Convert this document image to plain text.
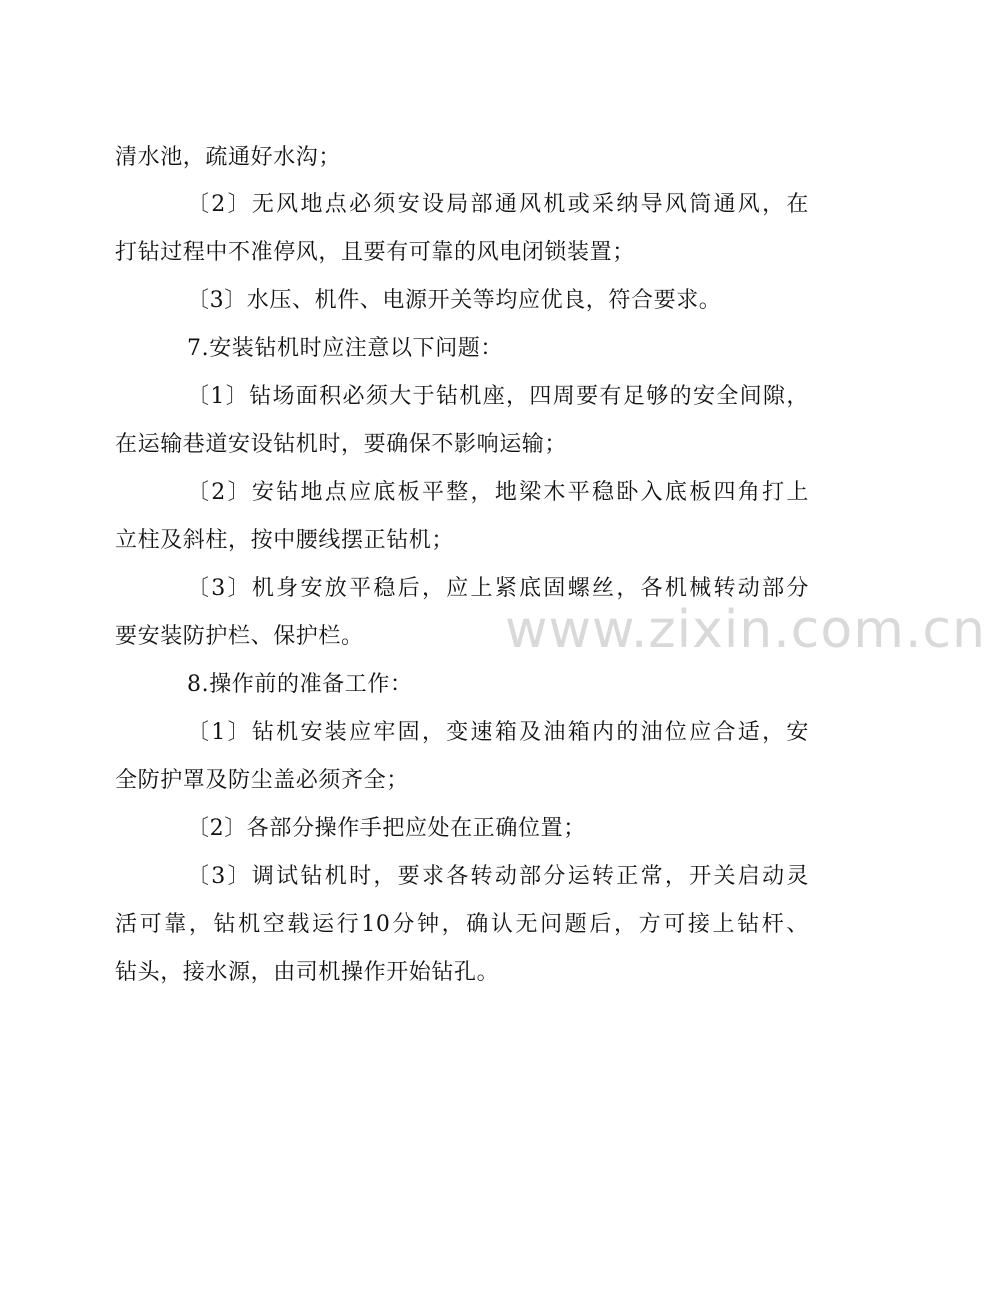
www.zixin.com.cn
清水池，疏通好水沟；
〔2〕无风地点必须安设局部通风机或采纳导风筒通风，在
打钻过程中不准停风，且要有可靠的风电闭锁装置；
〔3〕水压、机件、电源开关等均应优良，符合要求。
7.安装钻机时应注意以下问题：
〔1〕钻场面积必须大于钻机座，四周要有足够的安全间隙，
在运输巷道安设钻机时，要确保不影响运输；
〔2〕安钻地点应底板平整，地梁木平稳卧入底板四角打上
立柱及斜柱，按中腰线摆正钻机；
〔3〕机身安放平稳后，应上紧底固螺丝，各机械转动部分
要安装防护栏、保护栏。
8.操作前的准备工作：
〔1〕钻机安装应牢固，变速箱及油箱内的油位应合适，安
全防护罩及防尘盖必须齐全；
〔2〕各部分操作手把应处在正确位置；
〔3〕调试钻机时，要求各转动部分运转正常，开关启动灵
活可靠，钻机空载运行10分钟，确认无问题后，方可接上钻杆、
钻头，接水源，由司机操作开始钻孔。
